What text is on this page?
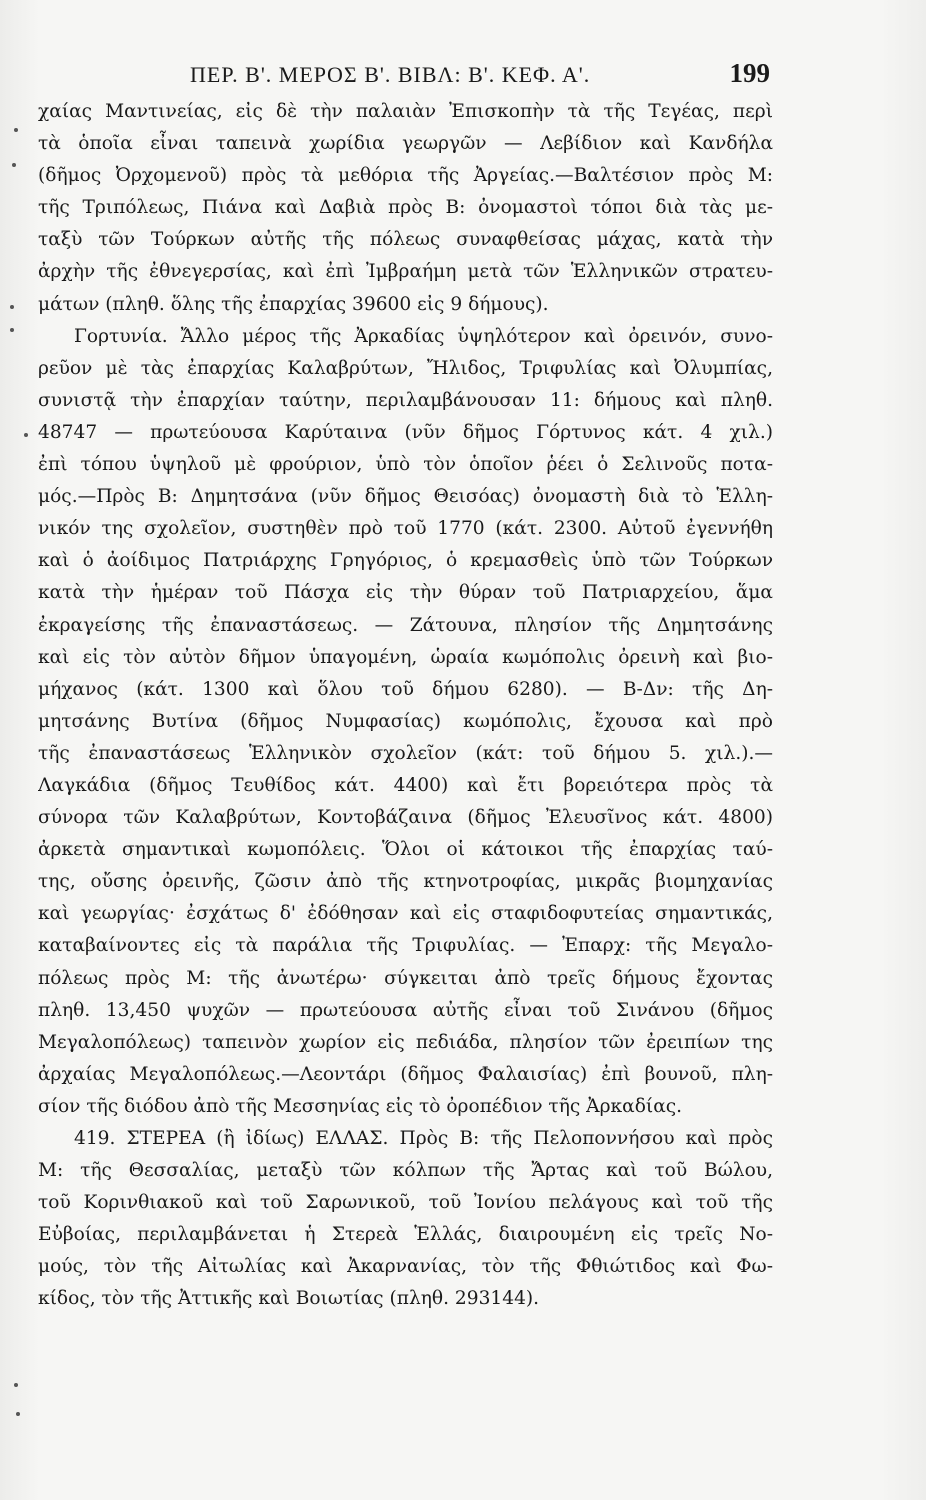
ΠΕΡ. Β'. ΜΕΡΟΣ Β'. ΒΙΒΛ: Β'. ΚΕΦ. Α'.	199
χαίας Μαντινείας, εἰς δὲ τὴν παλαιὰν Ἐπισκοπὴν τὰ τῆς Τεγέας, περὶ
τὰ ὁποῖα εἶναι ταπεινὰ χωρίδια γεωργῶν — Λεβίδιον καὶ Κανδήλα
(δῆμος Ὀρχομενοῦ) πρὸς τὰ μεθόρια τῆς Ἀργείας.—Βαλτέσιον πρὸς Μ:
τῆς Τριπόλεως, Πιάνα καὶ Δαβιὰ πρὸς Β: ὀνομαστοὶ τόποι διὰ τὰς με-
ταξὺ τῶν Τούρκων αὐτῆς τῆς πόλεως συναφθείσας μάχας, κατὰ τὴν
ἀρχὴν τῆς ἐθνεγερσίας, καὶ ἐπὶ Ἰμβραήμη μετὰ τῶν Ἑλληνικῶν στρατευ-
μάτων (πληθ. ὅλης τῆς ἐπαρχίας 39600 εἰς 9 δήμους).
Γορτυνία. Ἄλλο μέρος τῆς Ἀρκαδίας ὑψηλότερον καὶ ὀρεινόν, συνο-
ρεῦον μὲ τὰς ἐπαρχίας Καλαβρύτων, Ἤλιδος, Τριφυλίας καὶ Ὀλυμπίας,
συνιστᾷ τὴν ἐπαρχίαν ταύτην, περιλαμβάνουσαν 11: δήμους καὶ πληθ.
48747 — πρωτεύουσα Καρύταινα (νῦν δῆμος Γόρτυνος κάτ. 4 χιλ.)
ἐπὶ τόπου ὑψηλοῦ μὲ φρούριον, ὑπὸ τὸν ὁποῖον ῥέει ὁ Σελινοῦς ποτα-
μός.—Πρὸς Β: Δημητσάνα (νῦν δῆμος Θεισόας) ὀνομαστὴ διὰ τὸ Ἑλλη-
νικόν της σχολεῖον, συστηθὲν πρὸ τοῦ 1770 (κάτ. 2300. Αὐτοῦ ἐγεννήθη
καὶ ὁ ἀοίδιμος Πατριάρχης Γρηγόριος, ὁ κρεμασθεὶς ὑπὸ τῶν Τούρκων
κατὰ τὴν ἡμέραν τοῦ Πάσχα εἰς τὴν θύραν τοῦ Πατριαρχείου, ἅμα
ἐκραγείσης τῆς ἐπαναστάσεως. — Ζάτουνα, πλησίον τῆς Δημητσάνης
καὶ εἰς τὸν αὐτὸν δῆμον ὑπαγομένη, ὡραία κωμόπολις ὀρεινὴ καὶ βιο-
μήχανος (κάτ. 1300 καὶ ὅλου τοῦ δήμου 6280). — Β-Δν: τῆς Δη-
μητσάνης Βυτίνα (δῆμος Νυμφασίας) κωμόπολις, ἔχουσα καὶ πρὸ
τῆς ἐπαναστάσεως Ἑλληνικὸν σχολεῖον (κάτ: τοῦ δήμου 5. χιλ.).—
Λαγκάδια (δῆμος Τευθίδος κάτ. 4400) καὶ ἔτι βορειότερα πρὸς τὰ
σύνορα τῶν Καλαβρύτων, Κοντοβάζαινα (δῆμος Ἐλευσῖνος κάτ. 4800)
ἀρκετὰ σημαντικαὶ κωμοπόλεις. Ὅλοι οἱ κάτοικοι τῆς ἐπαρχίας ταύ-
της, οὔσης ὀρεινῆς, ζῶσιν ἀπὸ τῆς κτηνοτροφίας, μικρᾶς βιομηχανίας
καὶ γεωργίας· ἐσχάτως δ' ἐδόθησαν καὶ εἰς σταφιδοφυτείας σημαντικάς,
καταβαίνοντες εἰς τὰ παράλια τῆς Τριφυλίας. — Ἐπαρχ: τῆς Μεγαλο-
πόλεως πρὸς Μ: τῆς ἀνωτέρω· σύγκειται ἀπὸ τρεῖς δήμους ἔχοντας
πληθ. 13,450 ψυχῶν — πρωτεύουσα αὐτῆς εἶναι τοῦ Σινάνου (δῆμος
Μεγαλοπόλεως) ταπεινὸν χωρίον εἰς πεδιάδα, πλησίον τῶν ἐρειπίων της
ἀρχαίας Μεγαλοπόλεως.—Λεοντάρι (δῆμος Φαλαισίας) ἐπὶ βουνοῦ, πλη-
σίον τῆς διόδου ἀπὸ τῆς Μεσσηνίας εἰς τὸ ὀροπέδιον τῆς Ἀρκαδίας.
419. ΣΤΕΡΕΑ (ἢ ἰδίως) ΕΛΛΑΣ. Πρὸς Β: τῆς Πελοποννήσου καὶ πρὸς
Μ: τῆς Θεσσαλίας, μεταξὺ τῶν κόλπων τῆς Ἄρτας καὶ τοῦ Βώλου,
τοῦ Κορινθιακοῦ καὶ τοῦ Σαρωνικοῦ, τοῦ Ἰονίου πελάγους καὶ τοῦ τῆς
Εὐβοίας, περιλαμβάνεται ἡ Στερεὰ Ἑλλάς, διαιρουμένη εἰς τρεῖς Νο-
μούς, τὸν τῆς Αἰτωλίας καὶ Ἀκαρνανίας, τὸν τῆς Φθιώτιδος καὶ Φω-
κίδος, τὸν τῆς Ἀττικῆς καὶ Βοιωτίας (πληθ. 293144).
